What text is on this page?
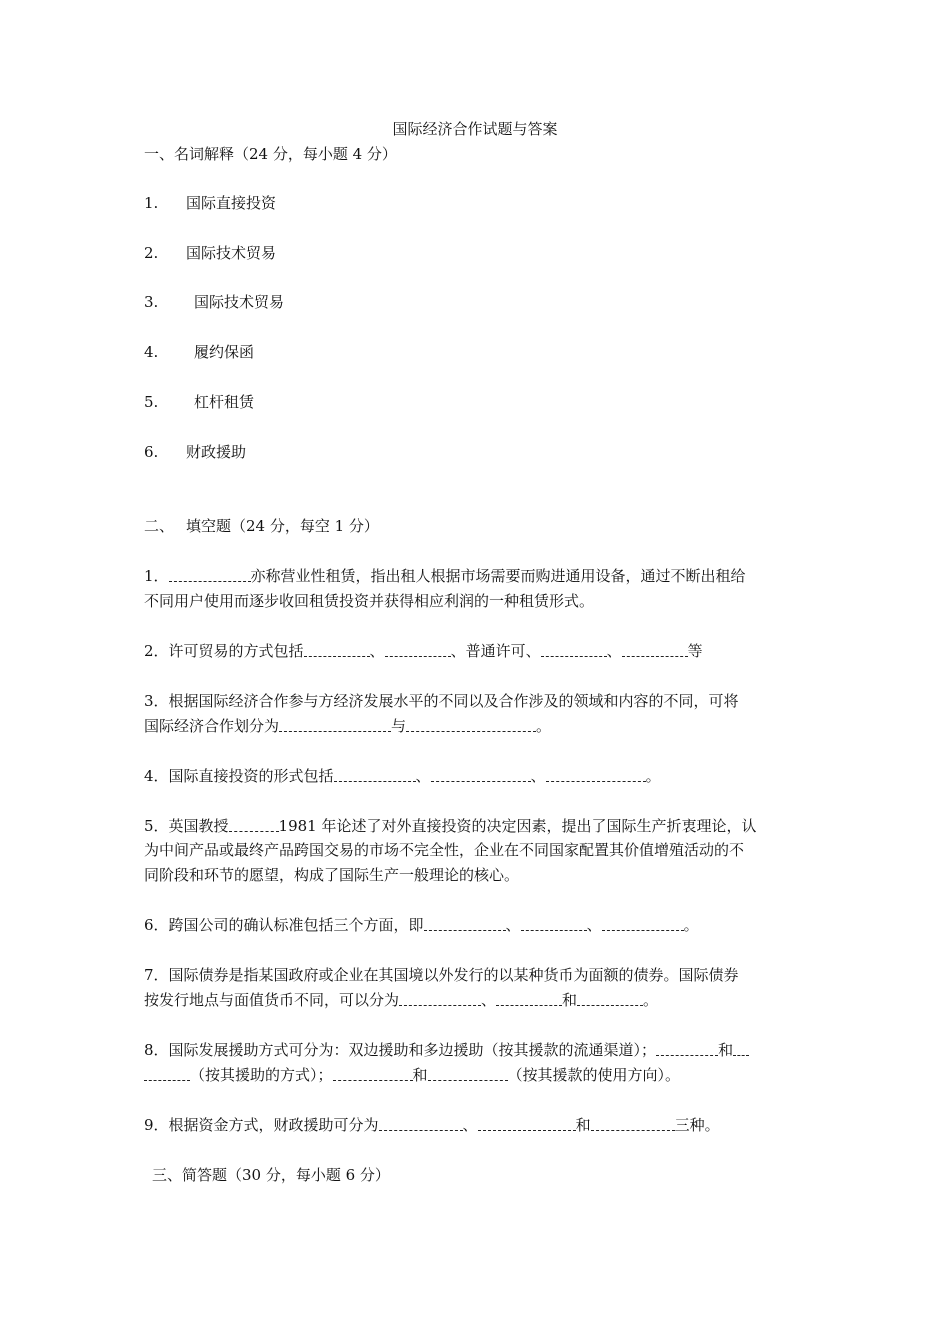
国际经济合作试题与答案
一、名词解释（24 分，每小题 4 分）
1. 国际直接投资
2. 国际技术贸易
3. 国际技术贸易
4. 履约保函
5. 杠杆租赁
6. 财政援助
二、 填空题（24 分，每空 1 分）
1．	亦称营业性租赁，指出租人根据市场需要而购进通用设备，通过不断出租给
不同用户使用而逐步收回租赁投资并获得相应利润的一种租赁形式。
2．许可贸易的方式包括	、	、普通许可、	、	等
3．根据国际经济合作参与方经济发展水平的不同以及合作涉及的领域和内容的不同，可将
国际经济合作划分为	与	。
4．国际直接投资的形式包括	、	、	。
5．英国教授	1981 年论述了对外直接投资的决定因素，提出了国际生产折衷理论，认
为中间产品或最终产品跨国交易的市场不完全性，企业在不同国家配置其价值增殖活动的不
同阶段和环节的愿望，构成了国际生产一般理论的核心。
6．跨国公司的确认标准包括三个方面，即	、	、	。
7．国际债券是指某国政府或企业在其国境以外发行的以某种货币为面额的债券。国际债券
按发行地点与面值货币不同，可以分为	、	和	。
8．国际发展援助方式可分为：双边援助和多边援助（按其援款的流通渠道）；	和
（按其援助的方式）；	和	（按其援款的使用方向）。
9．根据资金方式，财政援助可分为	、	和	三种。
三、简答题（30 分，每小题 6 分）
